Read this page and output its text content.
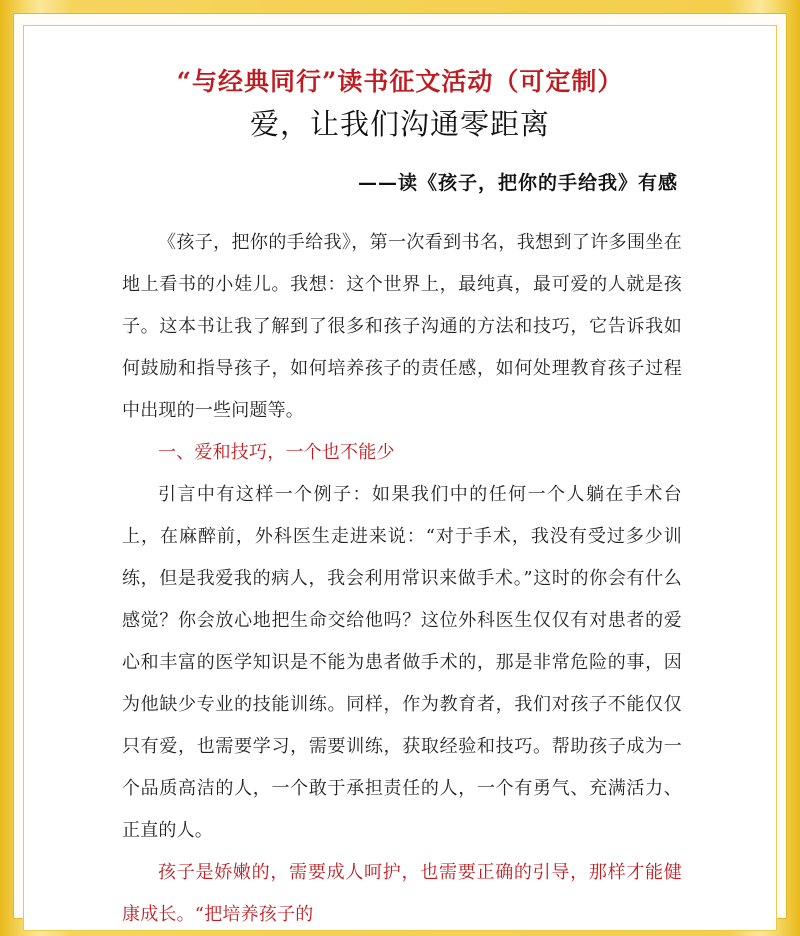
“与经典同行”读书征文活动（可定制）
爱，让我们沟通零距离
——读《孩子，把你的手给我》有感

《孩子，把你的手给我》，第一次看到书名，我想到了许多围坐在地上看书的小娃儿。我想：这个世界上，最纯真，最可爱的人就是孩子。这本书让我了解到了很多和孩子沟通的方法和技巧，它告诉我如何鼓励和指导孩子，如何培养孩子的责任感，如何处理教育孩子过程中出现的一些问题等。

一、爱和技巧，一个也不能少

引言中有这样一个例子：如果我们中的任何一个人躺在手术台上，在麻醉前，外科医生走进来说：“对于手术，我没有受过多少训练，但是我爱我的病人，我会利用常识来做手术。”这时的你会有什么感觉？你会放心地把生命交给他吗？这位外科医生仅仅有对患者的爱心和丰富的医学知识是不能为患者做手术的，那是非常危险的事，因为他缺少专业的技能训练。同样，作为教育者，我们对孩子不能仅仅只有爱，也需要学习，需要训练，获取经验和技巧。帮助孩子成为一个品质高洁的人，一个敢于承担责任的人，一个有勇气、充满活力、正直的人。

孩子是娇嫩的，需要成人呵护，也需要正确的引导，那样才能健康成长。“把培养孩子的
